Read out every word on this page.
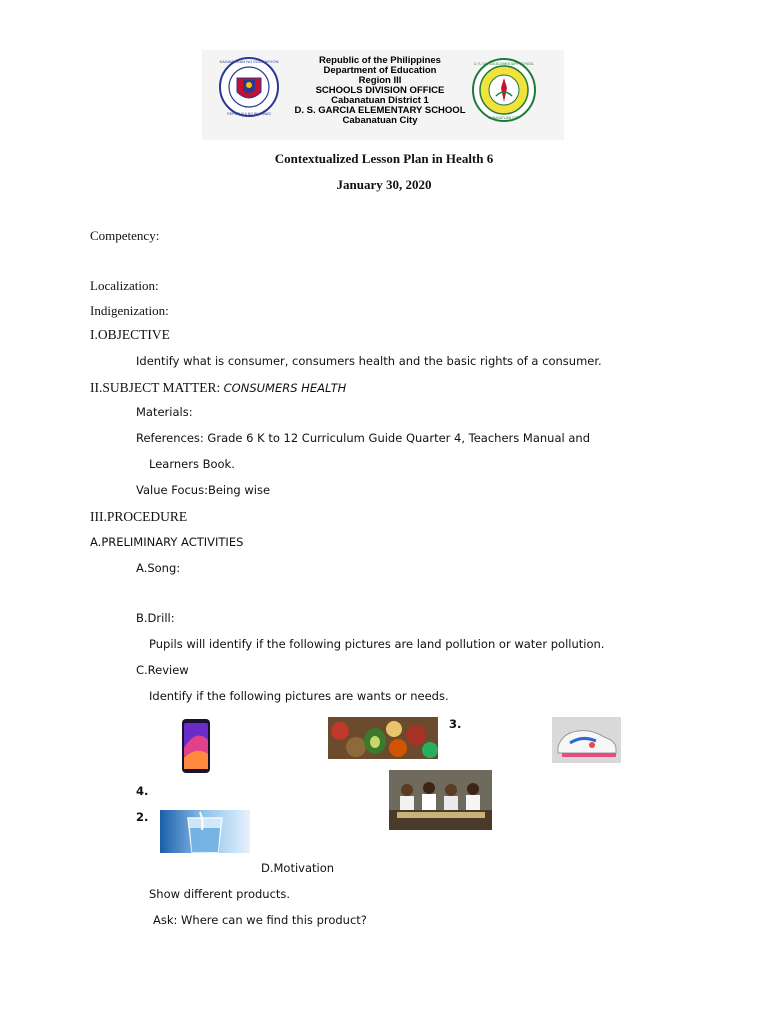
KAGAWARAN NG EDUKASYON
REPUBLIKA NG PILIPINAS
Republic of the Philippines
Department of Education
Region III
SCHOOLS DIVISION OFFICE
Cabanatuan District 1
D. S. GARCIA ELEMENTARY SCHOOL
Cabanatuan City
D. S. GARCIA ELEMENTARY SCHOOL
CABANATUAN CITY
Contextualized Lesson Plan in Health 6
January 30, 2020
Competency:
Localization:
Indigenization:
I.OBJECTIVE
Identify what is consumer, consumers health and the basic rights of a consumer.
II.SUBJECT MATTER: CONSUMERS HEALTH
Materials:
References: Grade 6 K to 12 Curriculum Guide Quarter 4, Teachers Manual and
Learners Book.
Value Focus:Being wise
III.PROCEDURE
A.PRELIMINARY ACTIVITIES
A.Song:
B.Drill:
Pupils will identify if the following pictures are land pollution or water pollution.
C.Review
Identify if the following pictures are wants or needs.
3.
4.
2.
D.Motivation
Show different products.
Ask: Where can we find this product?
